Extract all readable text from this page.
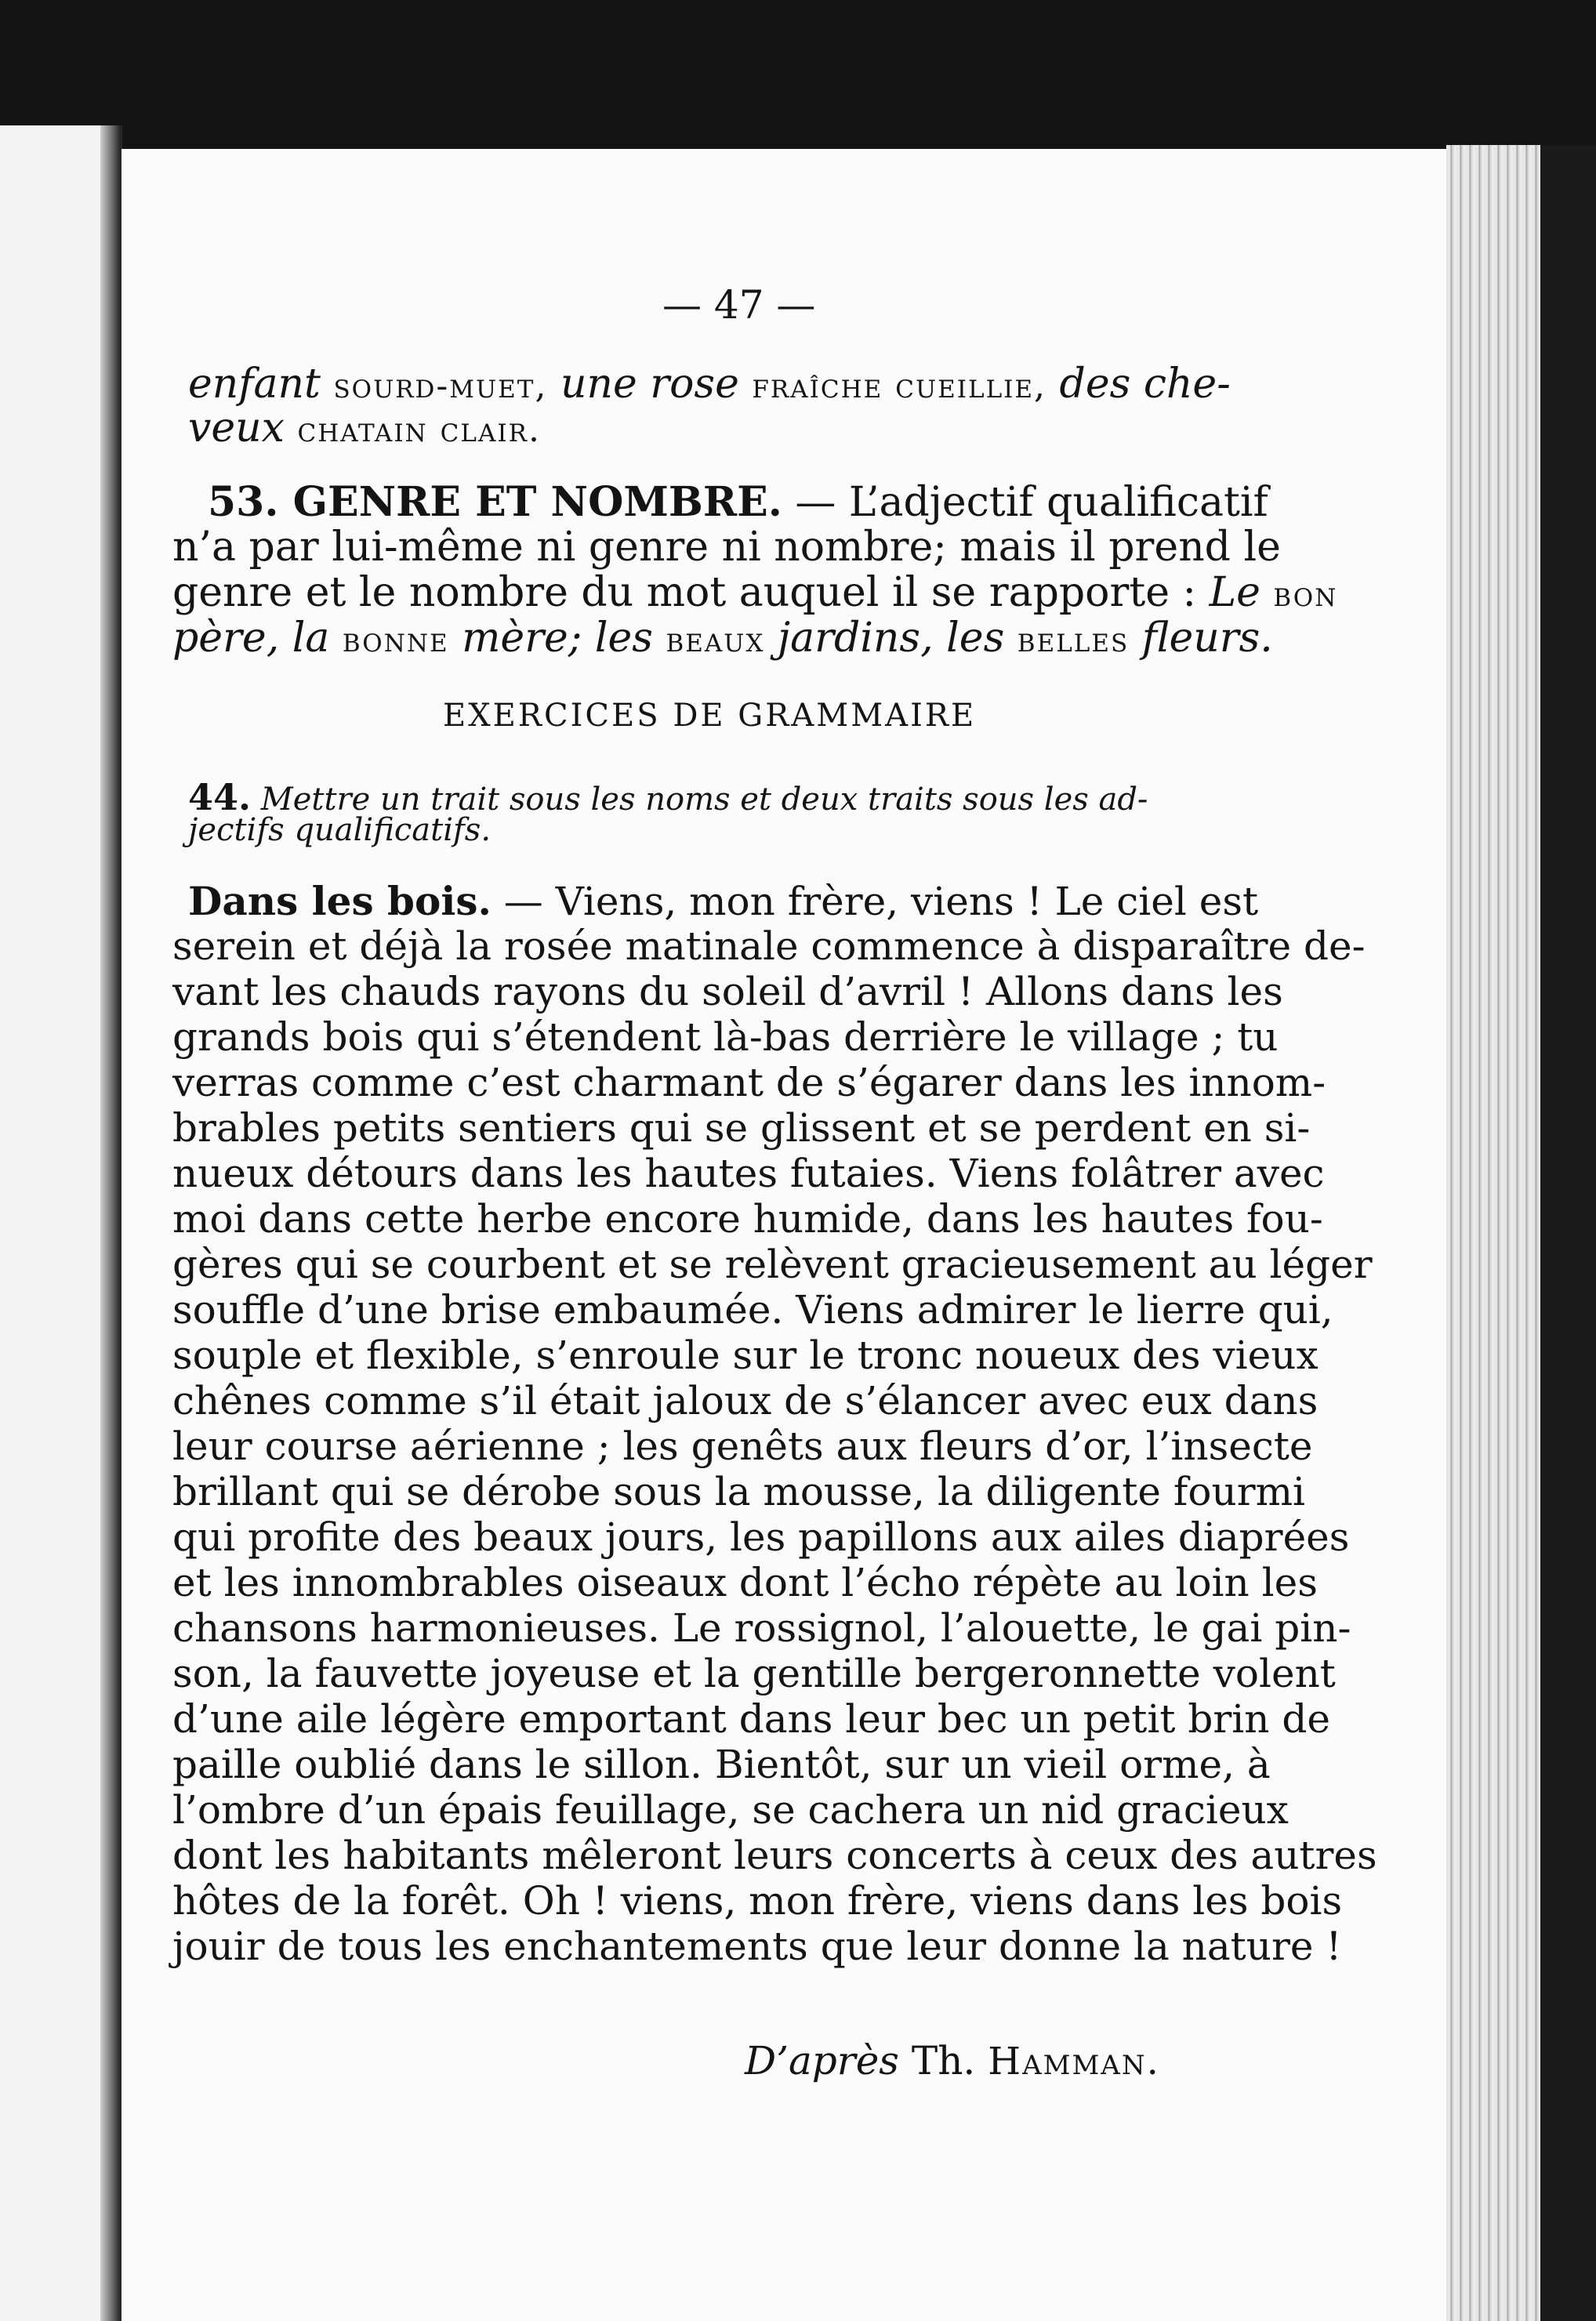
— 47 —
enfant sourd-muet, une rose fraîche cueillie, des che-
veux chatain clair.
53. GENRE ET NOMBRE. — L’adjectif qualificatif
n’a par lui-même ni genre ni nombre; mais il prend le
genre et le nombre du mot auquel il se rapporte : Le bon
père, la bonne mère; les beaux jardins, les belles fleurs.
EXERCICES DE GRAMMAIRE
44. Mettre un trait sous les noms et deux traits sous les ad-
jectifs qualificatifs.
Dans les bois. — Viens, mon frère, viens ! Le ciel est
serein et déjà la rosée matinale commence à disparaître de-
vant les chauds rayons du soleil d’avril ! Allons dans les
grands bois qui s’étendent là-bas derrière le village ; tu
verras comme c’est charmant de s’égarer dans les innom-
brables petits sentiers qui se glissent et se perdent en si-
nueux détours dans les hautes futaies. Viens folâtrer avec
moi dans cette herbe encore humide, dans les hautes fou-
gères qui se courbent et se relèvent gracieusement au léger
souffle d’une brise embaumée. Viens admirer le lierre qui,
souple et flexible, s’enroule sur le tronc noueux des vieux
chênes comme s’il était jaloux de s’élancer avec eux dans
leur course aérienne ; les genêts aux fleurs d’or, l’insecte
brillant qui se dérobe sous la mousse, la diligente fourmi
qui profite des beaux jours, les papillons aux ailes diaprées
et les innombrables oiseaux dont l’écho répète au loin les
chansons harmonieuses. Le rossignol, l’alouette, le gai pin-
son, la fauvette joyeuse et la gentille bergeronnette volent
d’une aile légère emportant dans leur bec un petit brin de
paille oublié dans le sillon. Bientôt, sur un vieil orme, à
l’ombre d’un épais feuillage, se cachera un nid gracieux
dont les habitants mêleront leurs concerts à ceux des autres
hôtes de la forêt. Oh ! viens, mon frère, viens dans les bois
jouir de tous les enchantements que leur donne la nature !
D’après Th. Hamman.
